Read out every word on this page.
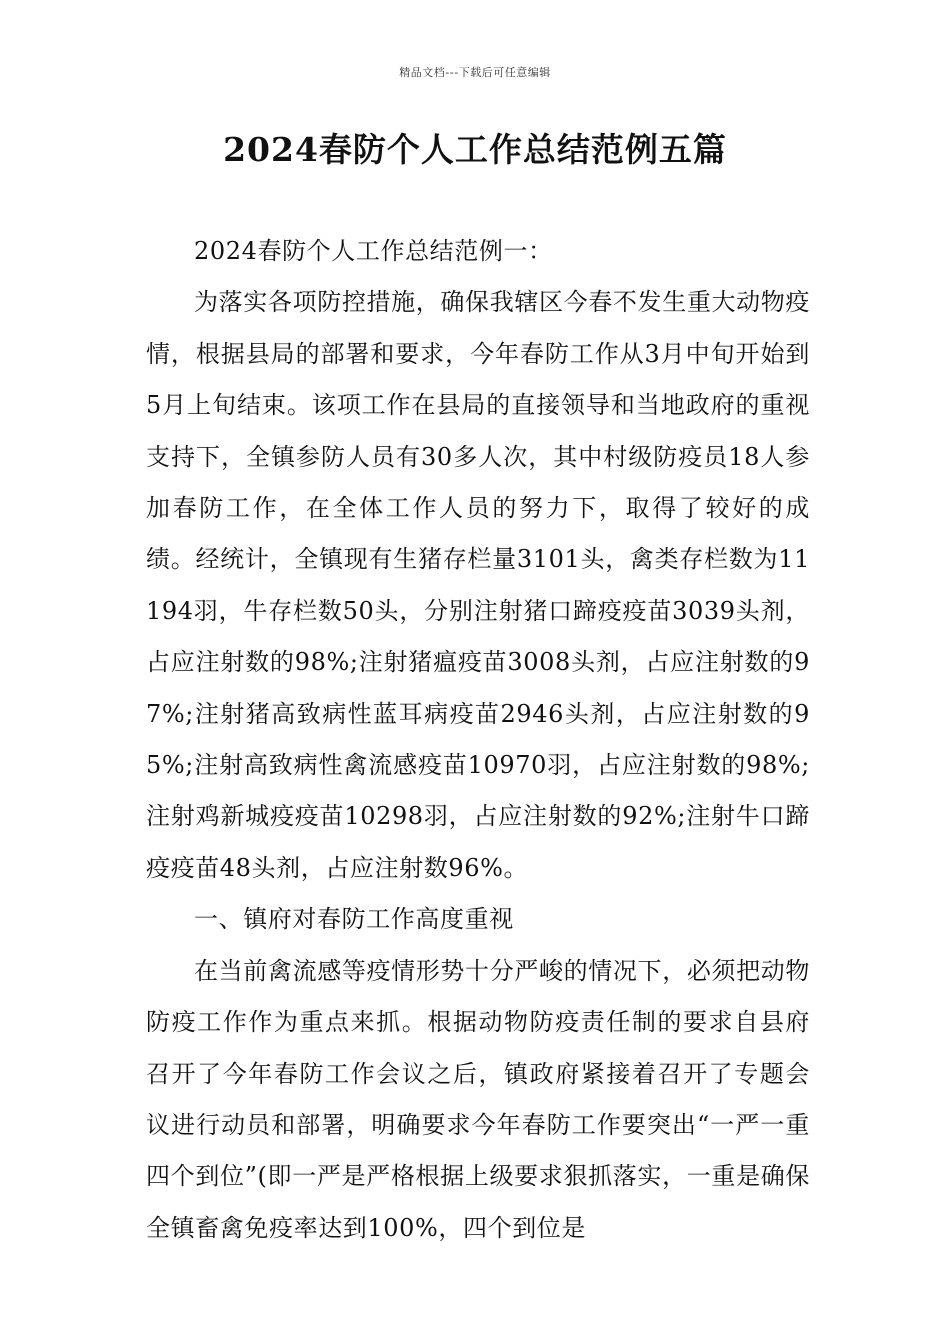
精品文档---下载后可任意编辑
2024春防个人工作总结范例五篇

2024春防个人工作总结范例一：

为落实各项防控措施，确保我辖区今春不发生重大动物疫情，根据县局的部署和要求，今年春防工作从3月中旬开始到5月上旬结束。该项工作在县局的直接领导和当地政府的重视支持下，全镇参防人员有30多人次，其中村级防疫员18人参加春防工作，在全体工作人员的努力下，取得了较好的成绩。经统计，全镇现有生猪存栏量3101头，禽类存栏数为11194羽，牛存栏数50头，分别注射猪口蹄疫疫苗3039头剂，占应注射数的98%;注射猪瘟疫苗3008头剂，占应注射数的97%;注射猪高致病性蓝耳病疫苗2946头剂，占应注射数的95%;注射高致病性禽流感疫苗10970羽，占应注射数的98%;注射鸡新城疫疫苗10298羽，占应注射数的92%;注射牛口蹄疫疫苗48头剂，占应注射数96%。

一、镇府对春防工作高度重视

在当前禽流感等疫情形势十分严峻的情况下，必须把动物防疫工作作为重点来抓。根据动物防疫责任制的要求自县府召开了今年春防工作会议之后，镇政府紧接着召开了专题会议进行动员和部署，明确要求今年春防工作要突出“一严一重四个到位”(即一严是严格根据上级要求狠抓落实，一重是确保全镇畜禽免疫率达到100%，四个到位是
